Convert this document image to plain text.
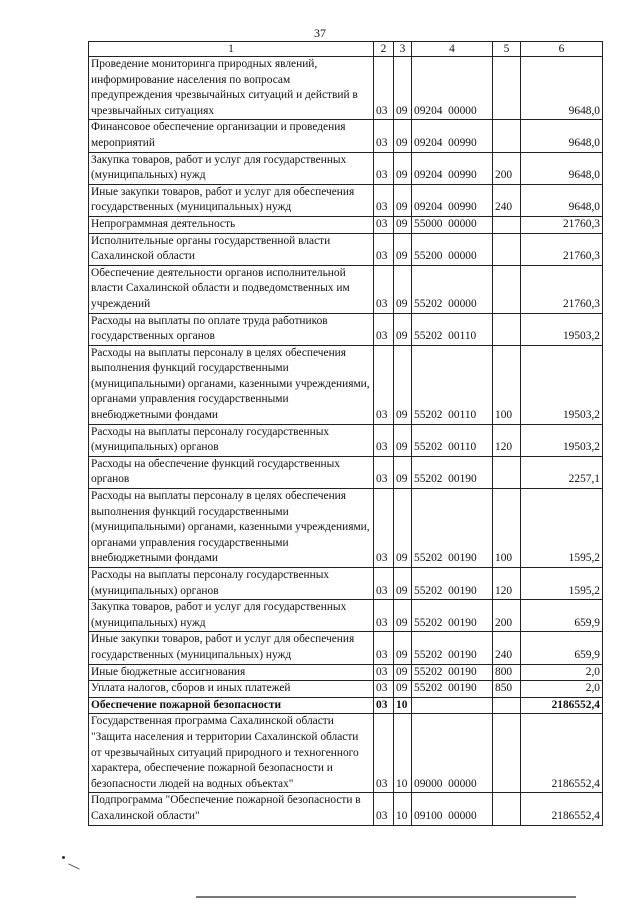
37
1	2	3	4	5	6
Проведение мониторинга природных явлений, информирование населения по вопросам предупреждения чрезвычайных ситуаций и действий в чрезвычайных ситуациях	03	09	09204  00000		9648,0
Финансовое обеспечение организации и проведения мероприятий	03	09	09204  00990		9648,0
Закупка товаров, работ и услуг для государственных (муниципальных) нужд	03	09	09204  00990	200	9648,0
Иные закупки товаров, работ и услуг для обеспечения государственных (муниципальных) нужд	03	09	09204  00990	240	9648,0
Непрограммная деятельность	03	09	55000  00000		21760,3
Исполнительные органы государственной власти Сахалинской области	03	09	55200  00000		21760,3
Обеспечение деятельности органов исполнительной власти Сахалинской области и подведомственных им учреждений	03	09	55202  00000		21760,3
Расходы на выплаты по оплате труда работников государственных органов	03	09	55202  00110		19503,2
Расходы на выплаты персоналу в целях обеспечения выполнения функций государственными (муниципальными) органами, казенными учреждениями, органами управления государственными внебюджетными фондами	03	09	55202  00110	100	19503,2
Расходы на выплаты персоналу государственных (муниципальных) органов	03	09	55202  00110	120	19503,2
Расходы на обеспечение функций государственных органов	03	09	55202  00190		2257,1
Расходы на выплаты персоналу в целях обеспечения выполнения функций государственными (муниципальными) органами, казенными учреждениями, органами управления государственными внебюджетными фондами	03	09	55202  00190	100	1595,2
Расходы на выплаты персоналу государственных (муниципальных) органов	03	09	55202  00190	120	1595,2
Закупка товаров, работ и услуг для государственных (муниципальных) нужд	03	09	55202  00190	200	659,9
Иные закупки товаров, работ и услуг для обеспечения государственных (муниципальных) нужд	03	09	55202  00190	240	659,9
Иные бюджетные ассигнования	03	09	55202  00190	800	2,0
Уплата налогов, сборов и иных платежей	03	09	55202  00190	850	2,0
Обеспечение пожарной безопасности	03	10			2186552,4
Государственная программа Сахалинской области "Защита населения и территории Сахалинской области от чрезвычайных ситуаций природного и техногенного характера, обеспечение пожарной безопасности и безопасности людей на водных объектах"	03	10	09000  00000		2186552,4
Подпрограмма "Обеспечение пожарной безопасности в Сахалинской области"	03	10	09100  00000		2186552,4
